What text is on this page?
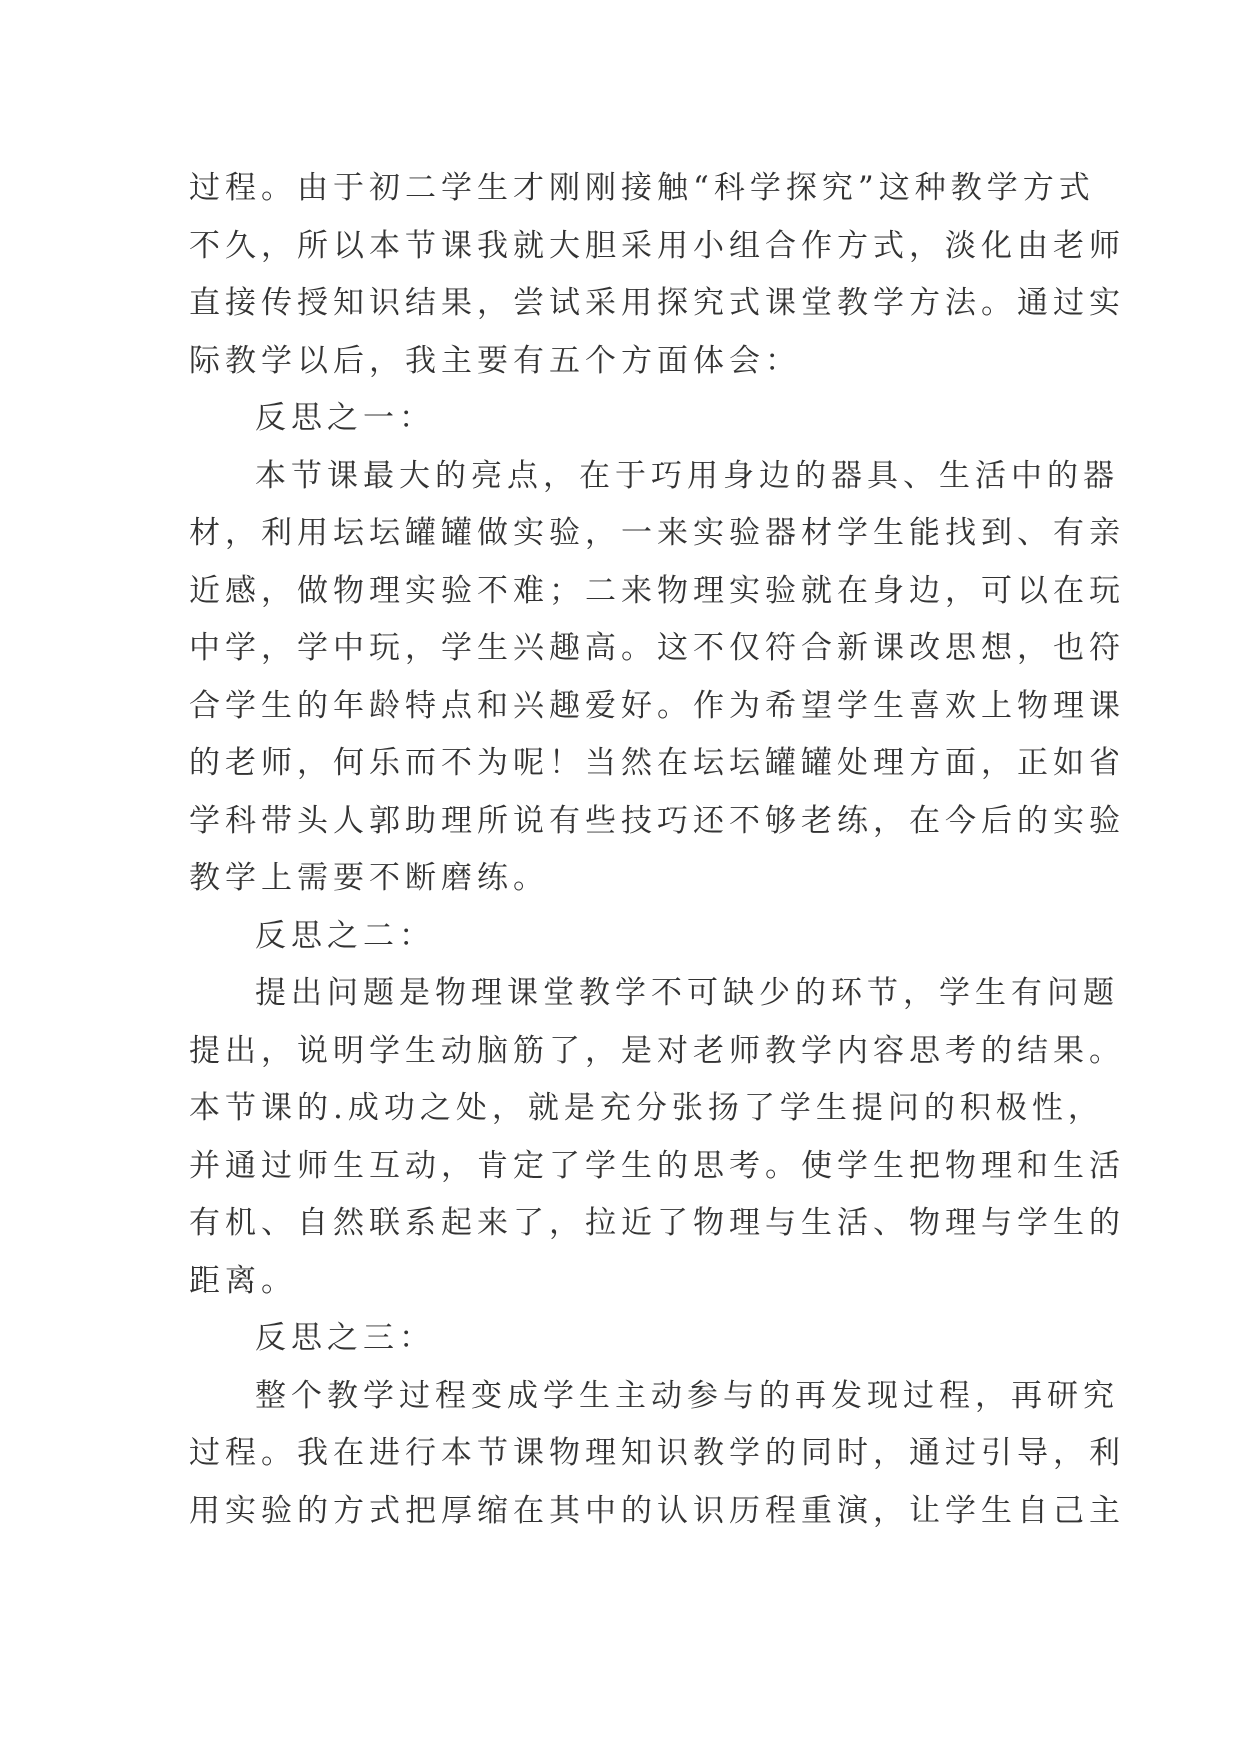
过程。由于初二学生才刚刚接触“科学探究”这种教学方式
不久，所以本节课我就大胆采用小组合作方式，淡化由老师
直接传授知识结果，尝试采用探究式课堂教学方法。通过实
际教学以后，我主要有五个方面体会：
反思之一：
本节课最大的亮点，在于巧用身边的器具、生活中的器
材，利用坛坛罐罐做实验，一来实验器材学生能找到、有亲
近感，做物理实验不难；二来物理实验就在身边，可以在玩
中学，学中玩，学生兴趣高。这不仅符合新课改思想，也符
合学生的年龄特点和兴趣爱好。作为希望学生喜欢上物理课
的老师，何乐而不为呢！当然在坛坛罐罐处理方面，正如省
学科带头人郭助理所说有些技巧还不够老练，在今后的实验
教学上需要不断磨练。
反思之二：
提出问题是物理课堂教学不可缺少的环节，学生有问题
提出，说明学生动脑筋了，是对老师教学内容思考的结果。
本节课的.成功之处，就是充分张扬了学生提问的积极性，
并通过师生互动，肯定了学生的思考。使学生把物理和生活
有机、自然联系起来了，拉近了物理与生活、物理与学生的
距离。
反思之三：
整个教学过程变成学生主动参与的再发现过程，再研究
过程。我在进行本节课物理知识教学的同时，通过引导，利
用实验的方式把厚缩在其中的认识历程重演，让学生自己主
